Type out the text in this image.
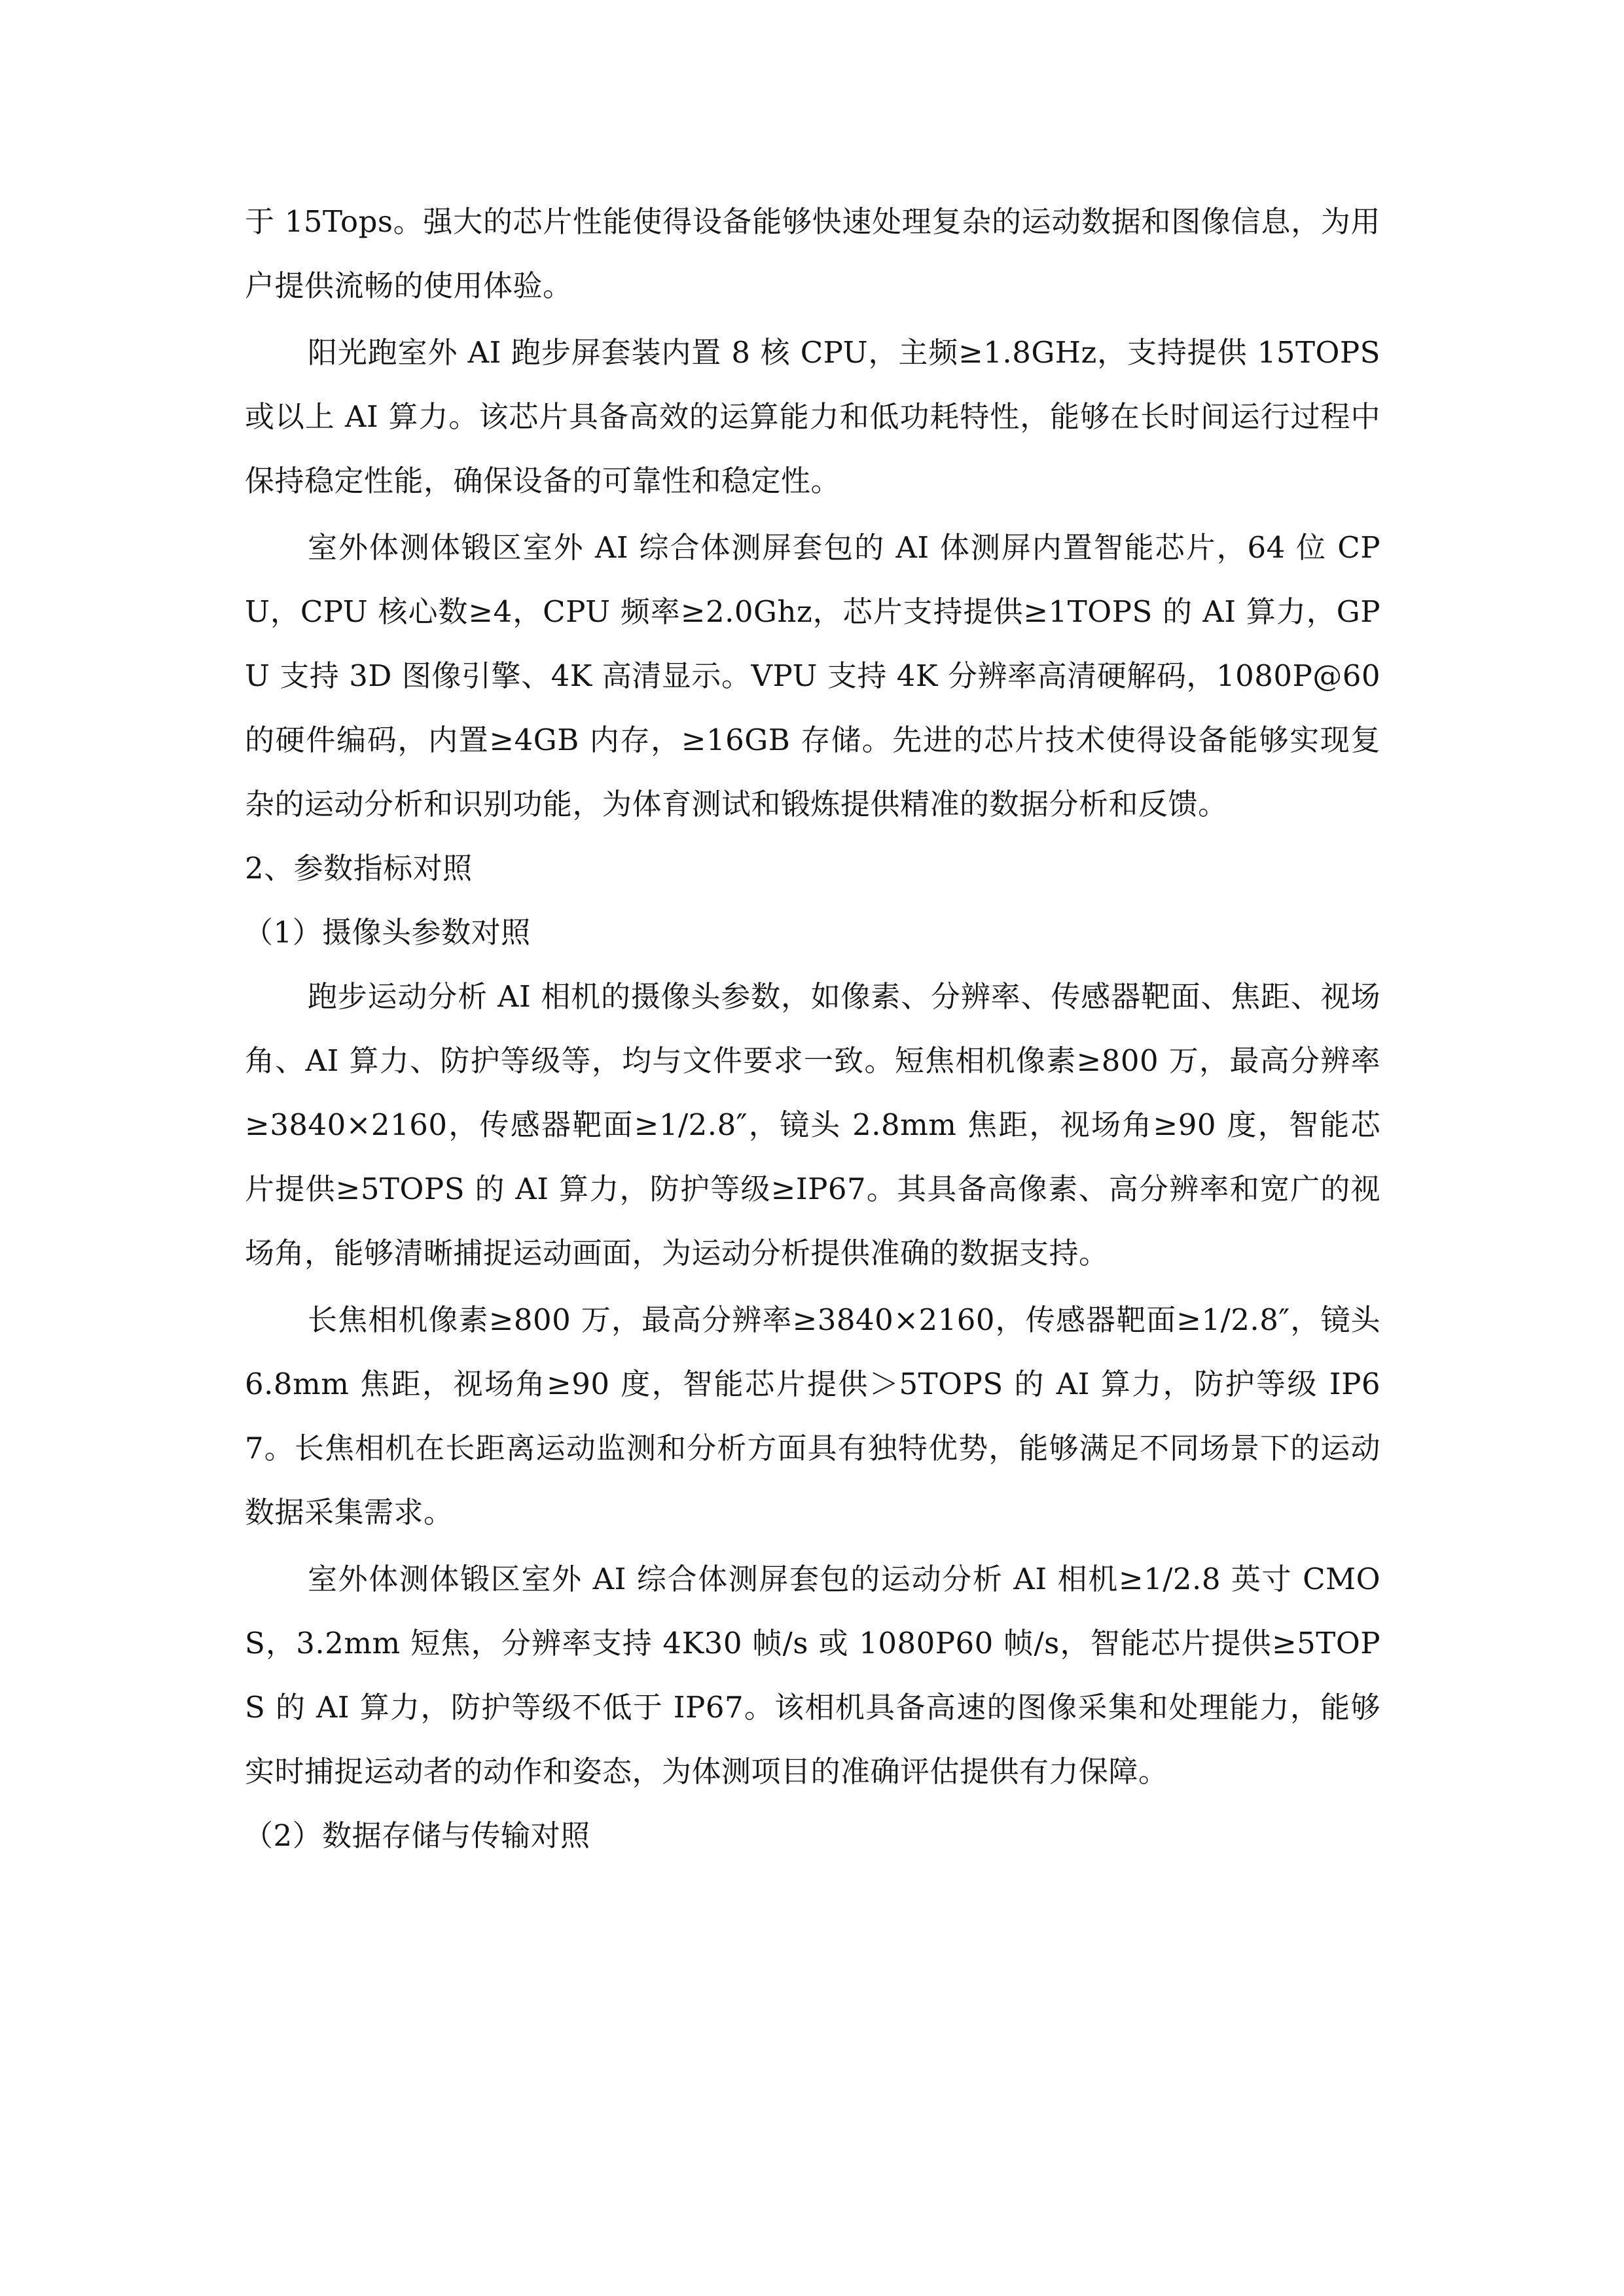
于 15Tops。强大的芯片性能使得设备能够快速处理复杂的运动数据和图像信息，为用户提供流畅的使用体验。

阳光跑室外 AI 跑步屏套装内置 8 核 CPU，主频≥1.8GHz，支持提供 15TOPS 或以上 AI 算力。该芯片具备高效的运算能力和低功耗特性，能够在长时间运行过程中保持稳定性能，确保设备的可靠性和稳定性。

室外体测体锻区室外 AI 综合体测屏套包的 AI 体测屏内置智能芯片，64 位 CPU，CPU 核心数≥4，CPU 频率≥2.0Ghz，芯片支持提供≥1TOPS 的 AI 算力，GPU 支持 3D 图像引擎、4K 高清显示。VPU 支持 4K 分辨率高清硬解码，1080P@60 的硬件编码，内置≥4GB 内存，≥16GB 存储。先进的芯片技术使得设备能够实现复杂的运动分析和识别功能，为体育测试和锻炼提供精准的数据分析和反馈。

2、参数指标对照

（1）摄像头参数对照

跑步运动分析 AI 相机的摄像头参数，如像素、分辨率、传感器靶面、焦距、视场角、AI 算力、防护等级等，均与文件要求一致。短焦相机像素≥800 万，最高分辨率≥3840×2160，传感器靶面≥1/2.8″，镜头 2.8mm 焦距，视场角≥90 度，智能芯片提供≥5TOPS 的 AI 算力，防护等级≥IP67。其具备高像素、高分辨率和宽广的视场角，能够清晰捕捉运动画面，为运动分析提供准确的数据支持。

长焦相机像素≥800 万，最高分辨率≥3840×2160，传感器靶面≥1/2.8″，镜头 6.8mm 焦距，视场角≥90 度，智能芯片提供＞5TOPS 的 AI 算力，防护等级 IP67。长焦相机在长距离运动监测和分析方面具有独特优势，能够满足不同场景下的运动数据采集需求。

室外体测体锻区室外 AI 综合体测屏套包的运动分析 AI 相机≥1/2.8 英寸 CMOS，3.2mm 短焦，分辨率支持 4K30 帧/s 或 1080P60 帧/s，智能芯片提供≥5TOPS 的 AI 算力，防护等级不低于 IP67。该相机具备高速的图像采集和处理能力，能够实时捕捉运动者的动作和姿态，为体测项目的准确评估提供有力保障。

（2）数据存储与传输对照
